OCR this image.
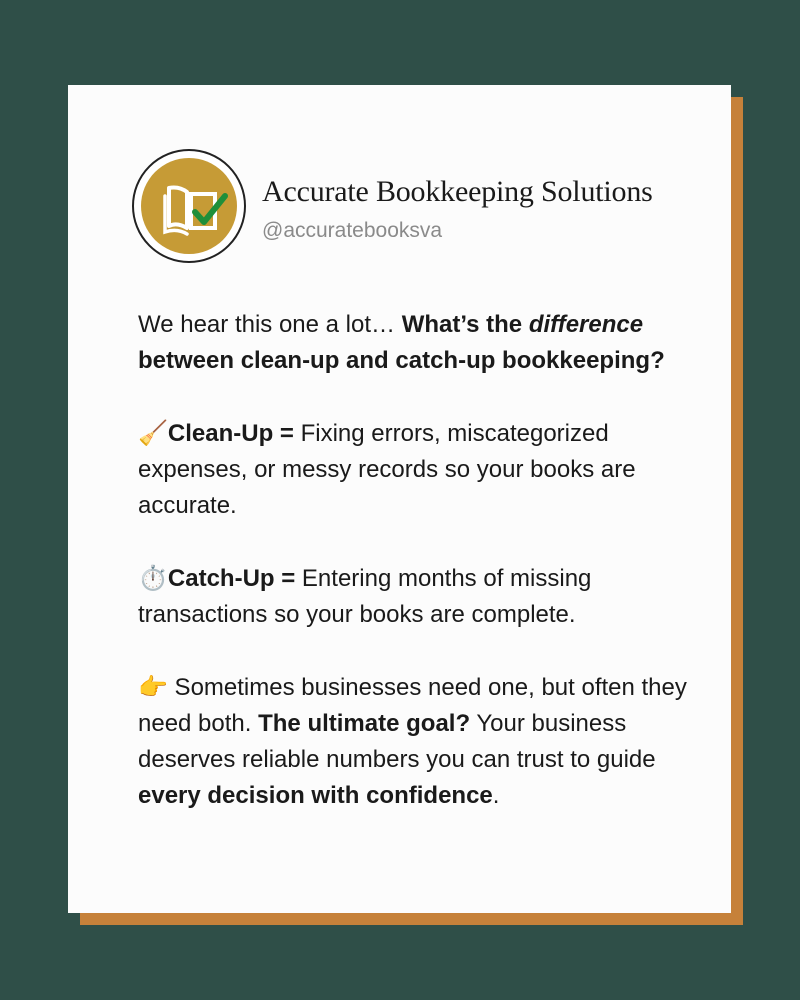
Accurate Bookkeeping Solutions
@accuratebooksva

We hear this one a lot… What’s the difference between clean-up and catch-up bookkeeping?

🧹Clean-Up = Fixing errors, miscategorized expenses, or messy records so your books are accurate.

⏱️Catch-Up = Entering months of missing transactions so your books are complete.

👉 Sometimes businesses need one, but often they need both. The ultimate goal? Your business deserves reliable numbers you can trust to guide every decision with confidence.
